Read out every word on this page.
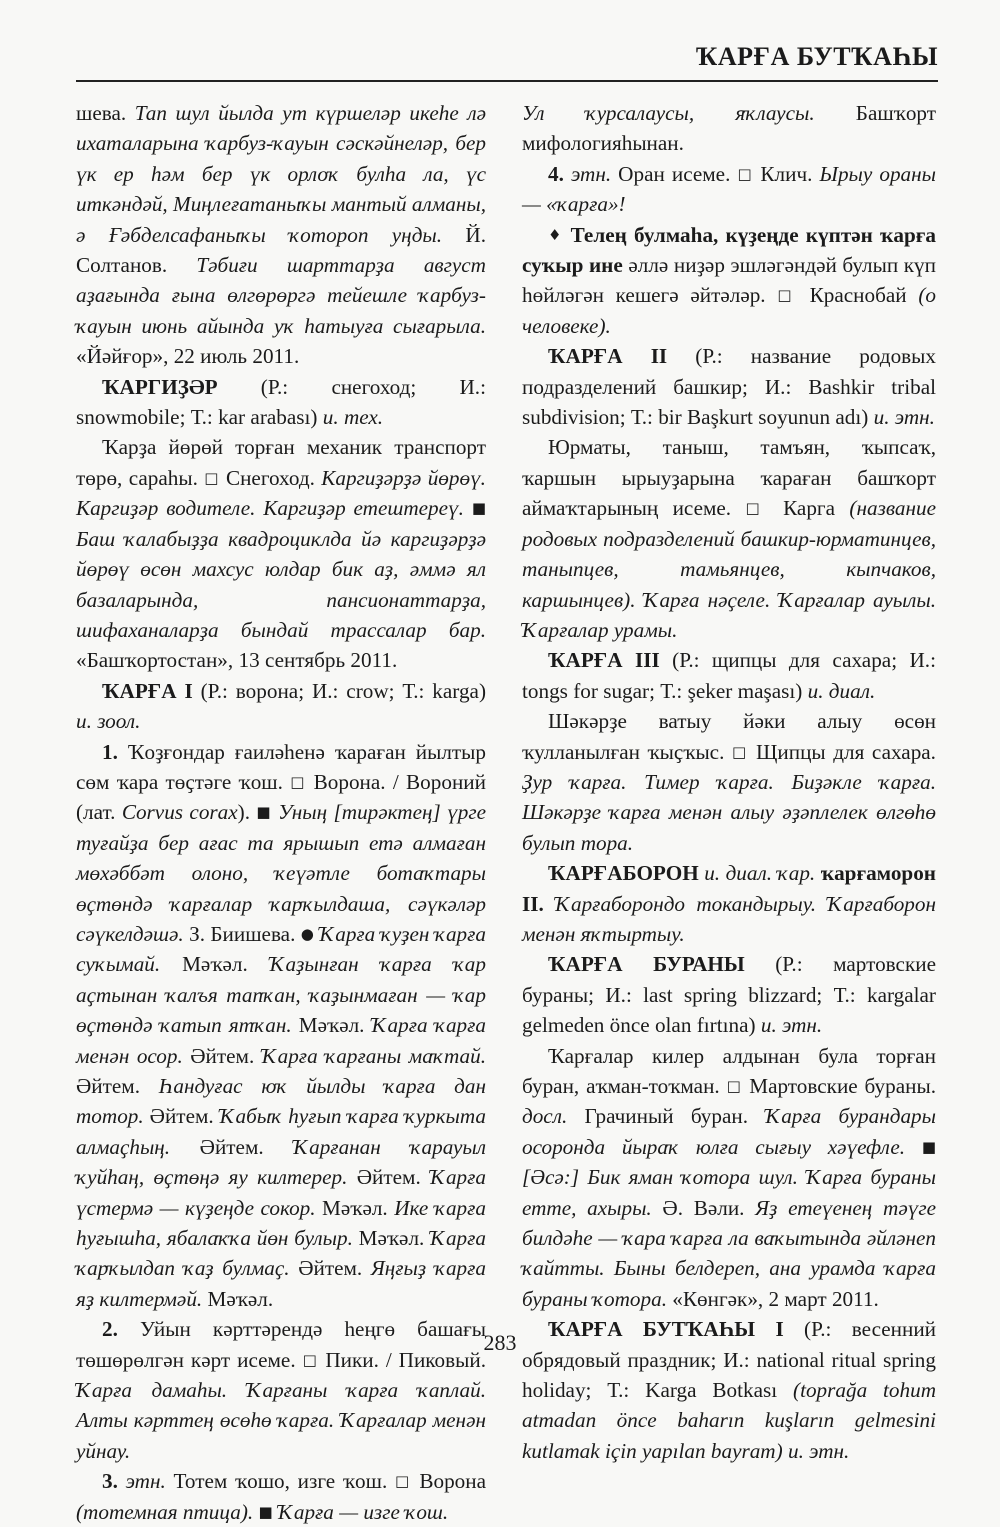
ҠАРҒА БУТҠАҺЫ

шева. Тап шул йылда ут күршеләр икеһе лә ихаталарына ҡарбуз-ҡауын сәскәйнеләр, бер үк ер һәм бер үк орлоҡ булһа ла, үс иткәндәй, Миңлеғатаныҡы мантый алманы, ә Ғәбделсафаныҡы ҡотороп уңды. Й. Солтанов. Тәбиғи шарттарҙа август аҙағында ғына өлгөрөргә тейешле ҡарбуз-ҡауын июнь айында уҡ һатыуға сығарыла. «Йәйғор», 22 июль 2011.

ҠАРГИҘӘР (Р.: снегоход; И.: snowmobile; Т.: kar arabası) и. тех.

Ҡарҙа йөрөй торған механик транспорт төрө, сараһы. □ Снегоход. Каргиҙәрҙә йөрөү. Каргиҙәр водителе. Каргиҙәр етештереү. ■ Баш ҡалабыҙҙа квадроциклда йә каргиҙәрҙә йөрөү өсөн махсус юлдар бик аҙ, әммә ял базаларында, пансионаттарҙа, шифаханаларҙа бындай трассалар бар. «Башҡортостан», 13 сентябрь 2011.

ҠАРҒА I (Р.: ворона; И.: crow; Т.: karga) и. зоол.

1. Ҡоҙғондар ғаиләһенә ҡараған йылтыр сөм ҡара төҫтәге ҡош. □ Ворона. / Вороний (лат. Corvus corax). ■ Уның [тирәктең] үрге туғайҙа бер ағас та ярышып етә алмаған мөхәббәт олоно, ҡеүәтле ботаҡтары өҫтөндә ҡарғалар ҡарҡылдаша, сәүкәләр сәүкелдәшә. З. Биишева. ● Ҡарға ҡуҙен ҡарға суҡымай. Мәҡәл. Ҡаҙынған ҡарға ҡар аҫтынан ҡалъя тапҡан, ҡаҙынмаған — ҡар өҫтөндә ҡатып ятҡан. Мәҡәл. Ҡарға ҡарға менән осор. Әйтем. Ҡарға ҡарғаны маҡтай. Әйтем. Һандуғас юҡ йылды ҡарға дан тотор. Әйтем. Ҡабыҡ һуғып ҡарға ҡуркыта алмаҫһың. Әйтем. Ҡарғанан ҡарауыл ҡуйһаң, өҫтөңә яу килтерер. Әйтем. Ҡарға үстермә — күҙеңде сокор. Мәҡәл. Ике ҡарға һуғышһа, ябалаҡҡа йөн булыр. Мәҡәл. Ҡарға ҡарҡылдап ҡаҙ булмаҫ. Әйтем. Яңғыҙ ҡарға яҙ килтермәй. Мәҡәл.

2. Уйын кәрттәрендә һеңгө башағы төшөрөлгән кәрт исеме. □ Пики. / Пиковый. Ҡарға дамаһы. Ҡарғаны ҡарға ҡаплай. Алты кәрттең өсөһө ҡарға. Ҡарғалар менән уйнау.

3. этн. Тотем ҡошо, изге ҡош. □ Ворона (тотемная птица). ■ Ҡарға — изге ҡош.

Ул ҡурсалаусы, яҡлаусы. Башҡорт мифологияһынан.

4. этн. Оран исеме. □ Клич. Ырыу ораны — «ҡарға»!

♦ Телең булмаһа, күҙеңде күптән ҡарға суҡыр ине әллә ниҙәр эшләгәндәй булып күп һөйләгән кешегә әйтәләр. □ Краснобай (о человеке).

ҠАРҒА II (Р.: название родовых подразделений башкир; И.: Bashkir tribal subdivision; Т.: bir Başkurt soyunun adı) и. этн.

Юрматы, таныш, тамъян, ҡыпсаҡ, ҡаршын ырыуҙарына ҡараған башҡорт аймаҡтарының исеме. □ Карга (название родовых подразделений башкир-юрматинцев, таныпцев, тамьянцев, кыпчаков, каршынцев). Ҡарға нәҫеле. Ҡарғалар ауылы. Ҡарғалар урамы.

ҠАРҒА III (Р.: щипцы для сахара; И.: tongs for sugar; Т.: şeker maşası) и. диал.

Шәкәрҙе ватыу йәки алыу өсөн ҡулланылған ҡыҫҡыс. □ Щипцы для сахара. Ҙур ҡарға. Тимер ҡарға. Биҙәкле ҡарға. Шәкәрҙе ҡарға менән алыу әҙәплелек өлгөһө булып тора.

ҠАРҒАБОРОН и. диал. ҡар. ҡарғаморон II. Ҡарғаборондо токандырыу. Ҡарғаборон менән яҡтыртыу.

ҠАРҒА БУРАНЫ (Р.: мартовские бураны; И.: last spring blizzard; Т.: kargalar gelmeden önce olan fırtına) и. этн.

Ҡарғалар килер алдынан була торған буран, аҡман-тоҡман. □ Мартовские бураны. досл. Грачиный буран. Ҡарға бурандары осоронда йыраҡ юлға сығыу хәүефле. ■ [Әсә:] Бик яман ҡотора шул. Ҡарға бураны етте, ахыры. Ә. Вәли. Яҙ етеүенең тәүге билдәһе — ҡара ҡарға ла ваҡытында әйләнеп ҡайтты. Быны белдереп, ана урамда ҡарға бураны ҡотора. «Көнгәк», 2 март 2011.

ҠАРҒА БУТҠАҺЫ I (Р.: весенний обрядовый праздник; И.: national ritual spring holiday; Т.: Karga Botkası (toprağa tohum atmadan önce baharın kuşların gelmesini kutlamak için yapılan bayram) и. этн.

283
